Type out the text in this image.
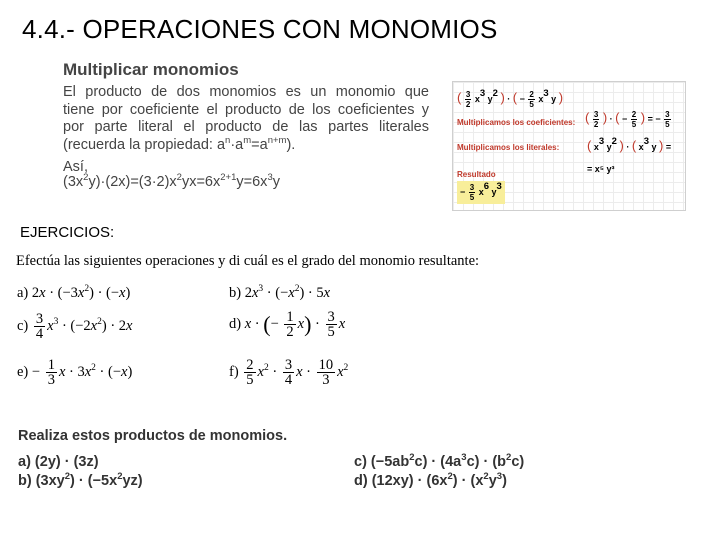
4.4.- OPERACIONES CON MONOMIOS
Multiplicar monomios
El producto de dos monomios es un monomio que
tiene por coeficiente el producto de los coeficientes y
por parte literal el producto de las partes literales
(recuerda la propiedad: $a^n\cdot a^m=a^{n+m}$).
Así,
$(3x^2y)\cdot(2x)=(3\cdot 2)x^2yx=6x^{2+1}y=6x^3y$
( $\frac{3}{2} x^3$ $y^2$ ) · ( − $\frac{2}{5} x^3$ y )
Multiplicamos los coeficientes: ( $\frac{3}{2}$ ) · ( − $\frac{2}{5}$ ) = − $\frac{3}{5}$
Multiplicamos los literales: ( $x^3$ $y^2$ ) · ( $x^3$ y ) =
= x⁵ y³
Resultado
− $\frac{3}{5} x^6$ $y^3$
EJERCICIOS:
Efectúa las siguientes operaciones y di cuál es el grado del monomio resultante:
a) $2x \cdot (-3x^2) \cdot (-x)$	b) $2x^3 \cdot (-x^2) \cdot 5x$
$c) \frac{3}{4} x^3 \cdot (-2x^2) \cdot 2x$	d) x · (− $\frac{1}{2} x) \cdot \frac{3}{5}$ x
$e) - \frac{1}{3}$ $x \cdot 3x^2 \cdot (-x)$	$f) \frac{2}{5} x^2 \cdot \frac{3}{4}$ $x \cdot \frac{10}{3} x^2$
Realiza estos productos de monomios.
a) (2y) · (3z)
b) $(3xy^2) \cdot (-5x^2yz)$
c) $(-5ab^2c) \cdot (4a^3c) \cdot (b^2c)$
d) $(12xy) \cdot (6x^2) \cdot (x^2y^3)$
